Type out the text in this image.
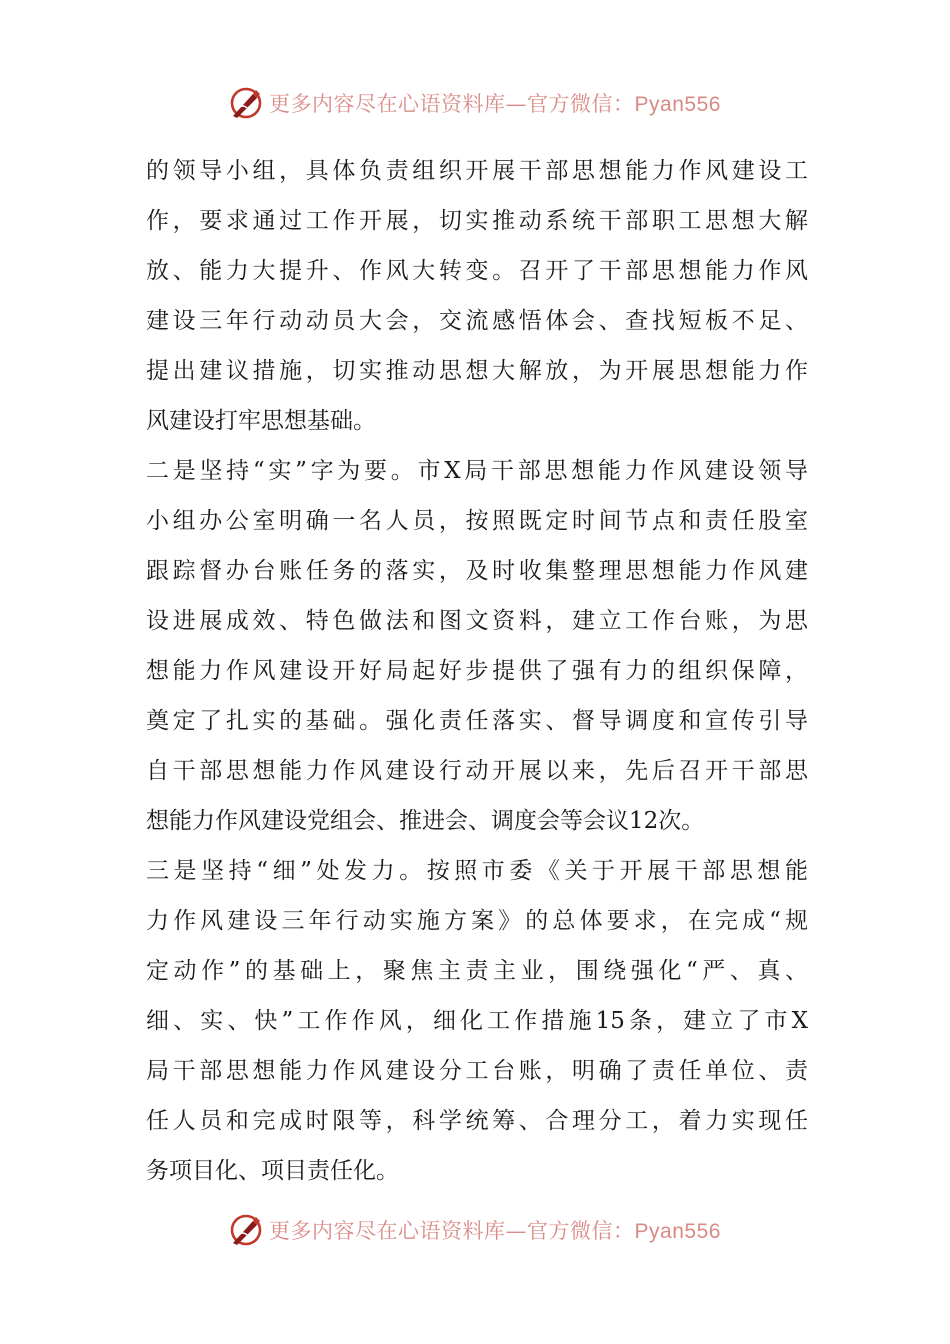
更多内容尽在心语资料库—官方微信：Pyan556
的领导小组，具体负责组织开展干部思想能力作风建设工
作，要求通过工作开展，切实推动系统干部职工思想大解
放、能力大提升、作风大转变。召开了干部思想能力作风
建设三年行动动员大会，交流感悟体会、查找短板不足、
提出建议措施，切实推动思想大解放，为开展思想能力作
风建设打牢思想基础。
二是坚持“实”字为要。市X局干部思想能力作风建设领导
小组办公室明确一名人员，按照既定时间节点和责任股室
跟踪督办台账任务的落实，及时收集整理思想能力作风建
设进展成效、特色做法和图文资料，建立工作台账，为思
想能力作风建设开好局起好步提供了强有力的组织保障，
奠定了扎实的基础。强化责任落实、督导调度和宣传引导
自干部思想能力作风建设行动开展以来，先后召开干部思
想能力作风建设党组会、推进会、调度会等会议12次。
三是坚持“细”处发力。按照市委《关于开展干部思想能
力作风建设三年行动实施方案》的总体要求，在完成“规
定动作”的基础上，聚焦主责主业，围绕强化“严、真、
细、实、快”工作作风，细化工作措施15条，建立了市X
局干部思想能力作风建设分工台账，明确了责任单位、责
任人员和完成时限等，科学统筹、合理分工，着力实现任
务项目化、项目责任化。
更多内容尽在心语资料库—官方微信：Pyan556
